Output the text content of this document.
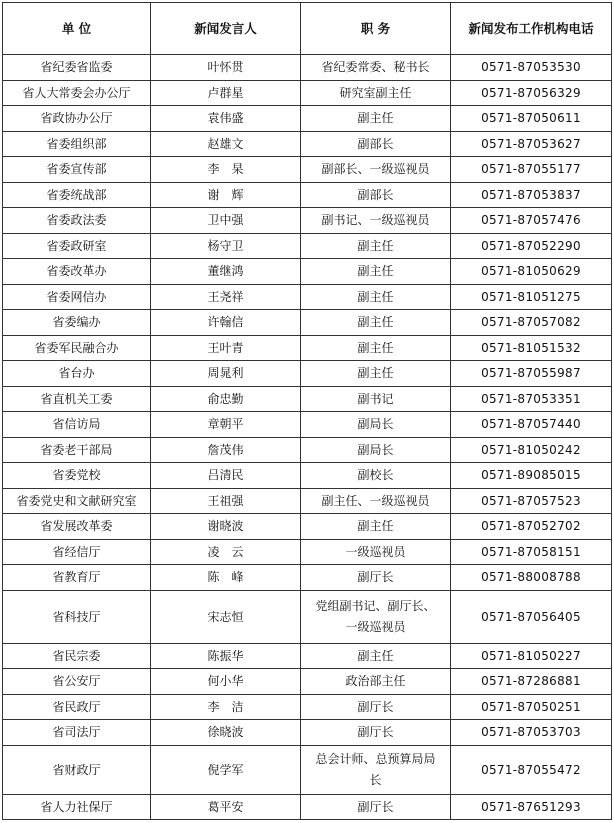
单 位	新闻发言人	职 务	新闻发布工作机构电话

省纪委省监委	叶怀贯	省纪委常委、秘书长	0571-87053530

省人大常委会办公厅	卢群星	研究室副主任	0571-87056329

省政协办公厅	袁伟盛	副主任	0571-87050611

省委组织部	赵雄文	副部长	0571-87053627

省委宣传部	李　杲	副部长、一级巡视员	0571-87055177

省委统战部	谢　辉	副部长	0571-87053837

省委政法委	卫中强	副书记、一级巡视员	0571-87057476

省委政研室	杨守卫	副主任	0571-87052290

省委改革办	董继鸿	副主任	0571-81050629

省委网信办	王尧祥	副主任	0571-81051275

省委编办	许翰信	副主任	0571-87057082

省委军民融合办	王叶青	副主任	0571-81051532

省台办	周晁利	副主任	0571-87055987

省直机关工委	俞忠勤	副书记	0571-87053351

省信访局	章朝平	副局长	0571-87057440

省委老干部局	詹茂伟	副局长	0571-81050242

省委党校	吕清民	副校长	0571-89085015

省委党史和文献研究室	王祖强	副主任、一级巡视员	0571-87057523

省发展改革委	谢晓波	副主任	0571-87052702

省经信厅	凌　云	一级巡视员	0571-87058151

省教育厅	陈　峰	副厅长	0571-88008788

省科技厅	宋志恒	党组副书记、副厅长、
一级巡视员	0571-87056405

省民宗委	陈振华	副主任	0571-81050227

省公安厅	何小华	政治部主任	0571-87286881

省民政厅	李　洁	副厅长	0571-87050251

省司法厅	徐晓波	副厅长	0571-87053703

省财政厅	倪学军	总会计师、总预算局局
长	0571-87055472

省人力社保厅	葛平安	副厅长	0571-87651293
